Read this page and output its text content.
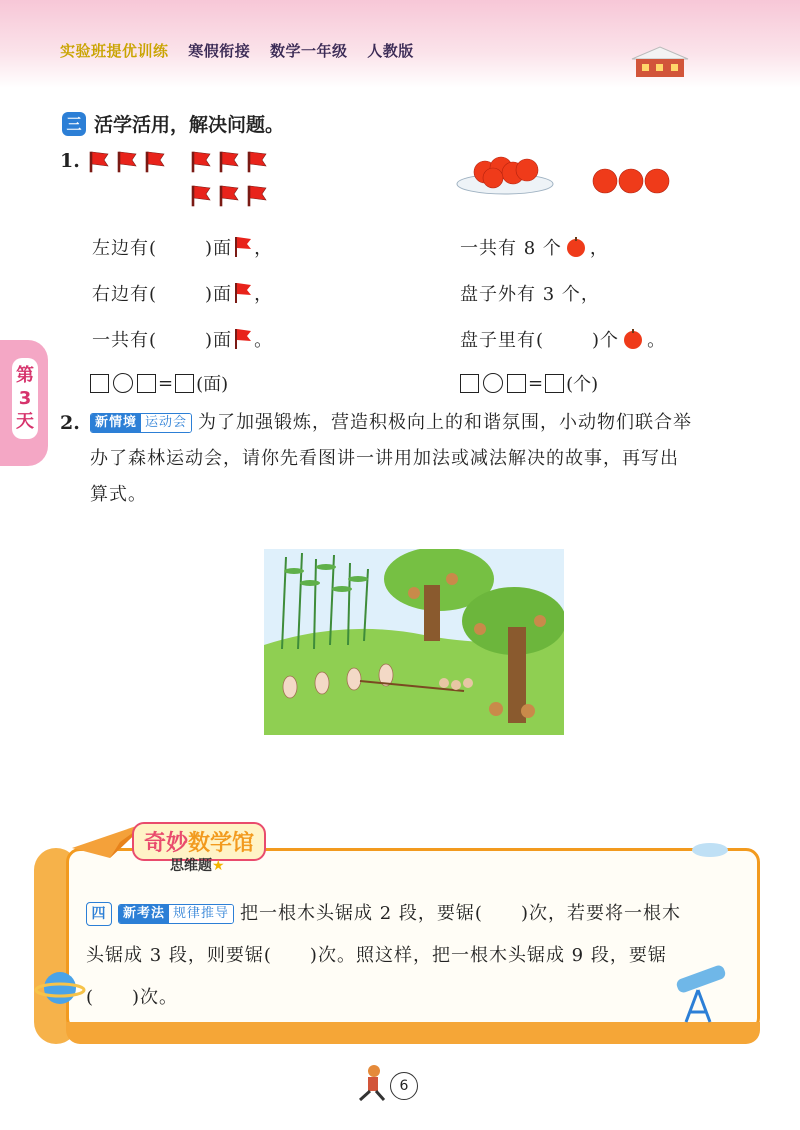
实验班提优训练 寒假衔接 数学一年级 人教版
三 活学活用，解决问题。
1.
左边有(	)面 ，
右边有(	)面 ，
一共有(	)面 。
= (面)
一共有 8 个 ，
盘子外有 3 个，
盘子里有(	)个 。
= (个)
第3天 2.	新情境 运动会 为了加强锻炼，营造积极向上的和谐氛围，小动物们联合举
办了森林运动会，请你先看图讲一讲用加法或减法解决的故事，再写出
算式。
奇妙数学馆
思维题★
四	新考法 规律推导 把一根木头锯成 2 段，要锯(　　)次，若要将一根木
头锯成 3 段，则要锯(　　)次。照这样，把一根木头锯成 9 段，要锯
(　　)次。
6
